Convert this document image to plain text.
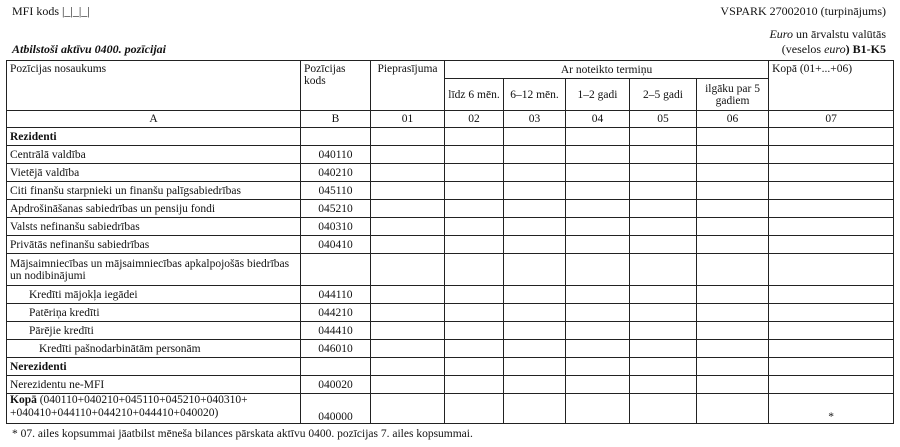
MFI kods |_|_|_|	VSPARK 27002010 (turpinājums)
Euro un ārvalstu valūtās
(veselos euro) B1-K5
Atbilstoši aktīvu 0400. pozīcijai
Pozīcijas nosaukums	Pozīcijas kods	Pieprasījuma	Ar noteikto termiņu					Kopā (01+...+06)
			līdz 6 mēn.	6–12 mēn.	1–2 gadi	2–5 gadi	ilgāku par 5 gadiem	
A	B	01	02	03	04	05	06	07
Rezidenti								
Centrālā valdība	040110							
Vietējā valdība	040210							
Citi finanšu starpnieki un finanšu palīgsabiedrības	045110							
Apdrošināšanas sabiedrības un pensiju fondi	045210							
Valsts nefinanšu sabiedrības	040310							
Privātās nefinanšu sabiedrības	040410							
Mājsaimniecības un mājsaimniecības apkalpojošās biedrības un nodibinājumi								
Kredīti mājokļa iegādei	044110							
Patēriņa kredīti	044210							
Pārējie kredīti	044410							
Kredīti pašnodarbinātām personām	046010							
Nerezidenti								
Nerezidentu ne-MFI	040020							
Kopā (040110+040210+045110+045210+040310+
+040410+044110+044210+044410+040020)	040000							*
* 07. ailes kopsummai jāatbilst mēneša bilances pārskata aktīvu 0400. pozīcijas 7. ailes kopsummai.
